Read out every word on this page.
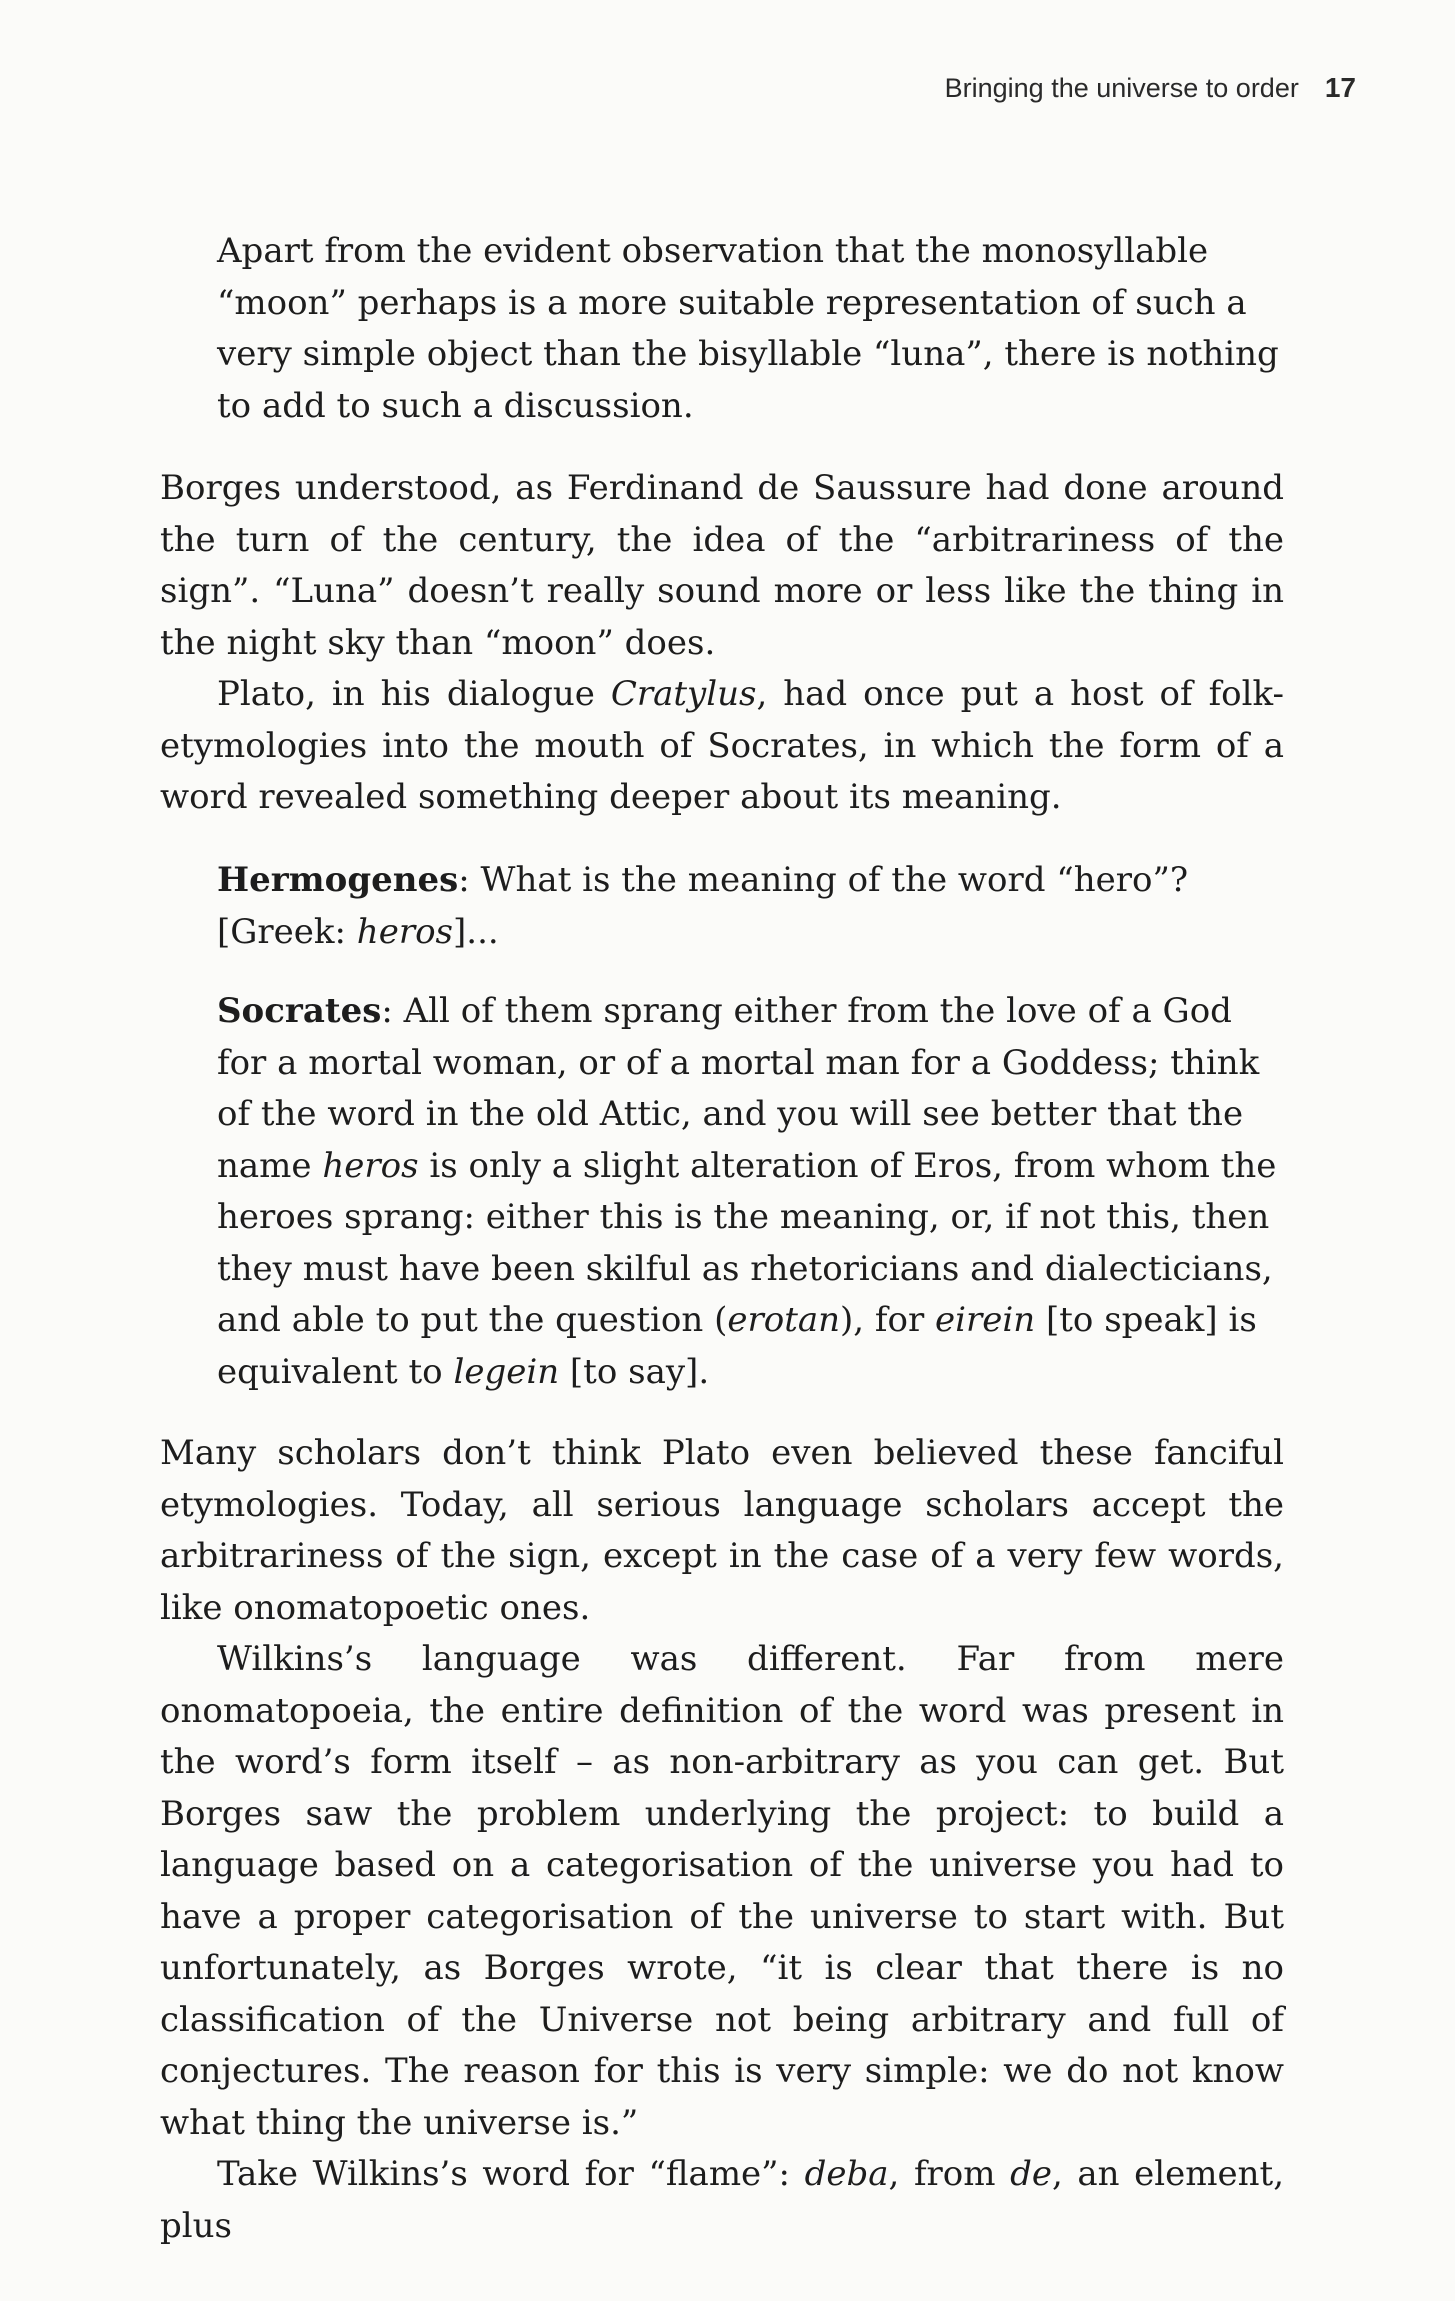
Bringing the universe to order 17

Apart from the evident observation that the monosyllable “moon” perhaps is a more suitable representation of such a very simple object than the bisyllable “luna”, there is nothing to add to such a discussion.

Borges understood, as Ferdinand de Saussure had done around the turn of the century, the idea of the “arbitrariness of the sign”. “Luna” doesn’t really sound more or less like the thing in the night sky than “moon” does.

Plato, in his dialogue Cratylus, had once put a host of folk-etymologies into the mouth of Socrates, in which the form of a word revealed something deeper about its meaning.

Hermogenes: What is the meaning of the word “hero”? [Greek: heros]...

Socrates: All of them sprang either from the love of a God for a mortal woman, or of a mortal man for a Goddess; think of the word in the old Attic, and you will see better that the name heros is only a slight alteration of Eros, from whom the heroes sprang: either this is the meaning, or, if not this, then they must have been skilful as rhetoricians and dialecticians, and able to put the question (erotan), for eirein [to speak] is equivalent to legein [to say].

Many scholars don’t think Plato even believed these fanciful etymologies. Today, all serious language scholars accept the arbitrariness of the sign, except in the case of a very few words, like onomatopoetic ones.

Wilkins’s language was different. Far from mere onomatopoeia, the entire definition of the word was present in the word’s form itself – as non-arbitrary as you can get. But Borges saw the problem underlying the project: to build a language based on a categorisation of the universe you had to have a proper categorisation of the universe to start with. But unfortunately, as Borges wrote, “it is clear that there is no classification of the Universe not being arbitrary and full of conjectures. The reason for this is very simple: we do not know what thing the universe is.”

Take Wilkins’s word for “flame”: deba, from de, an element, plus
